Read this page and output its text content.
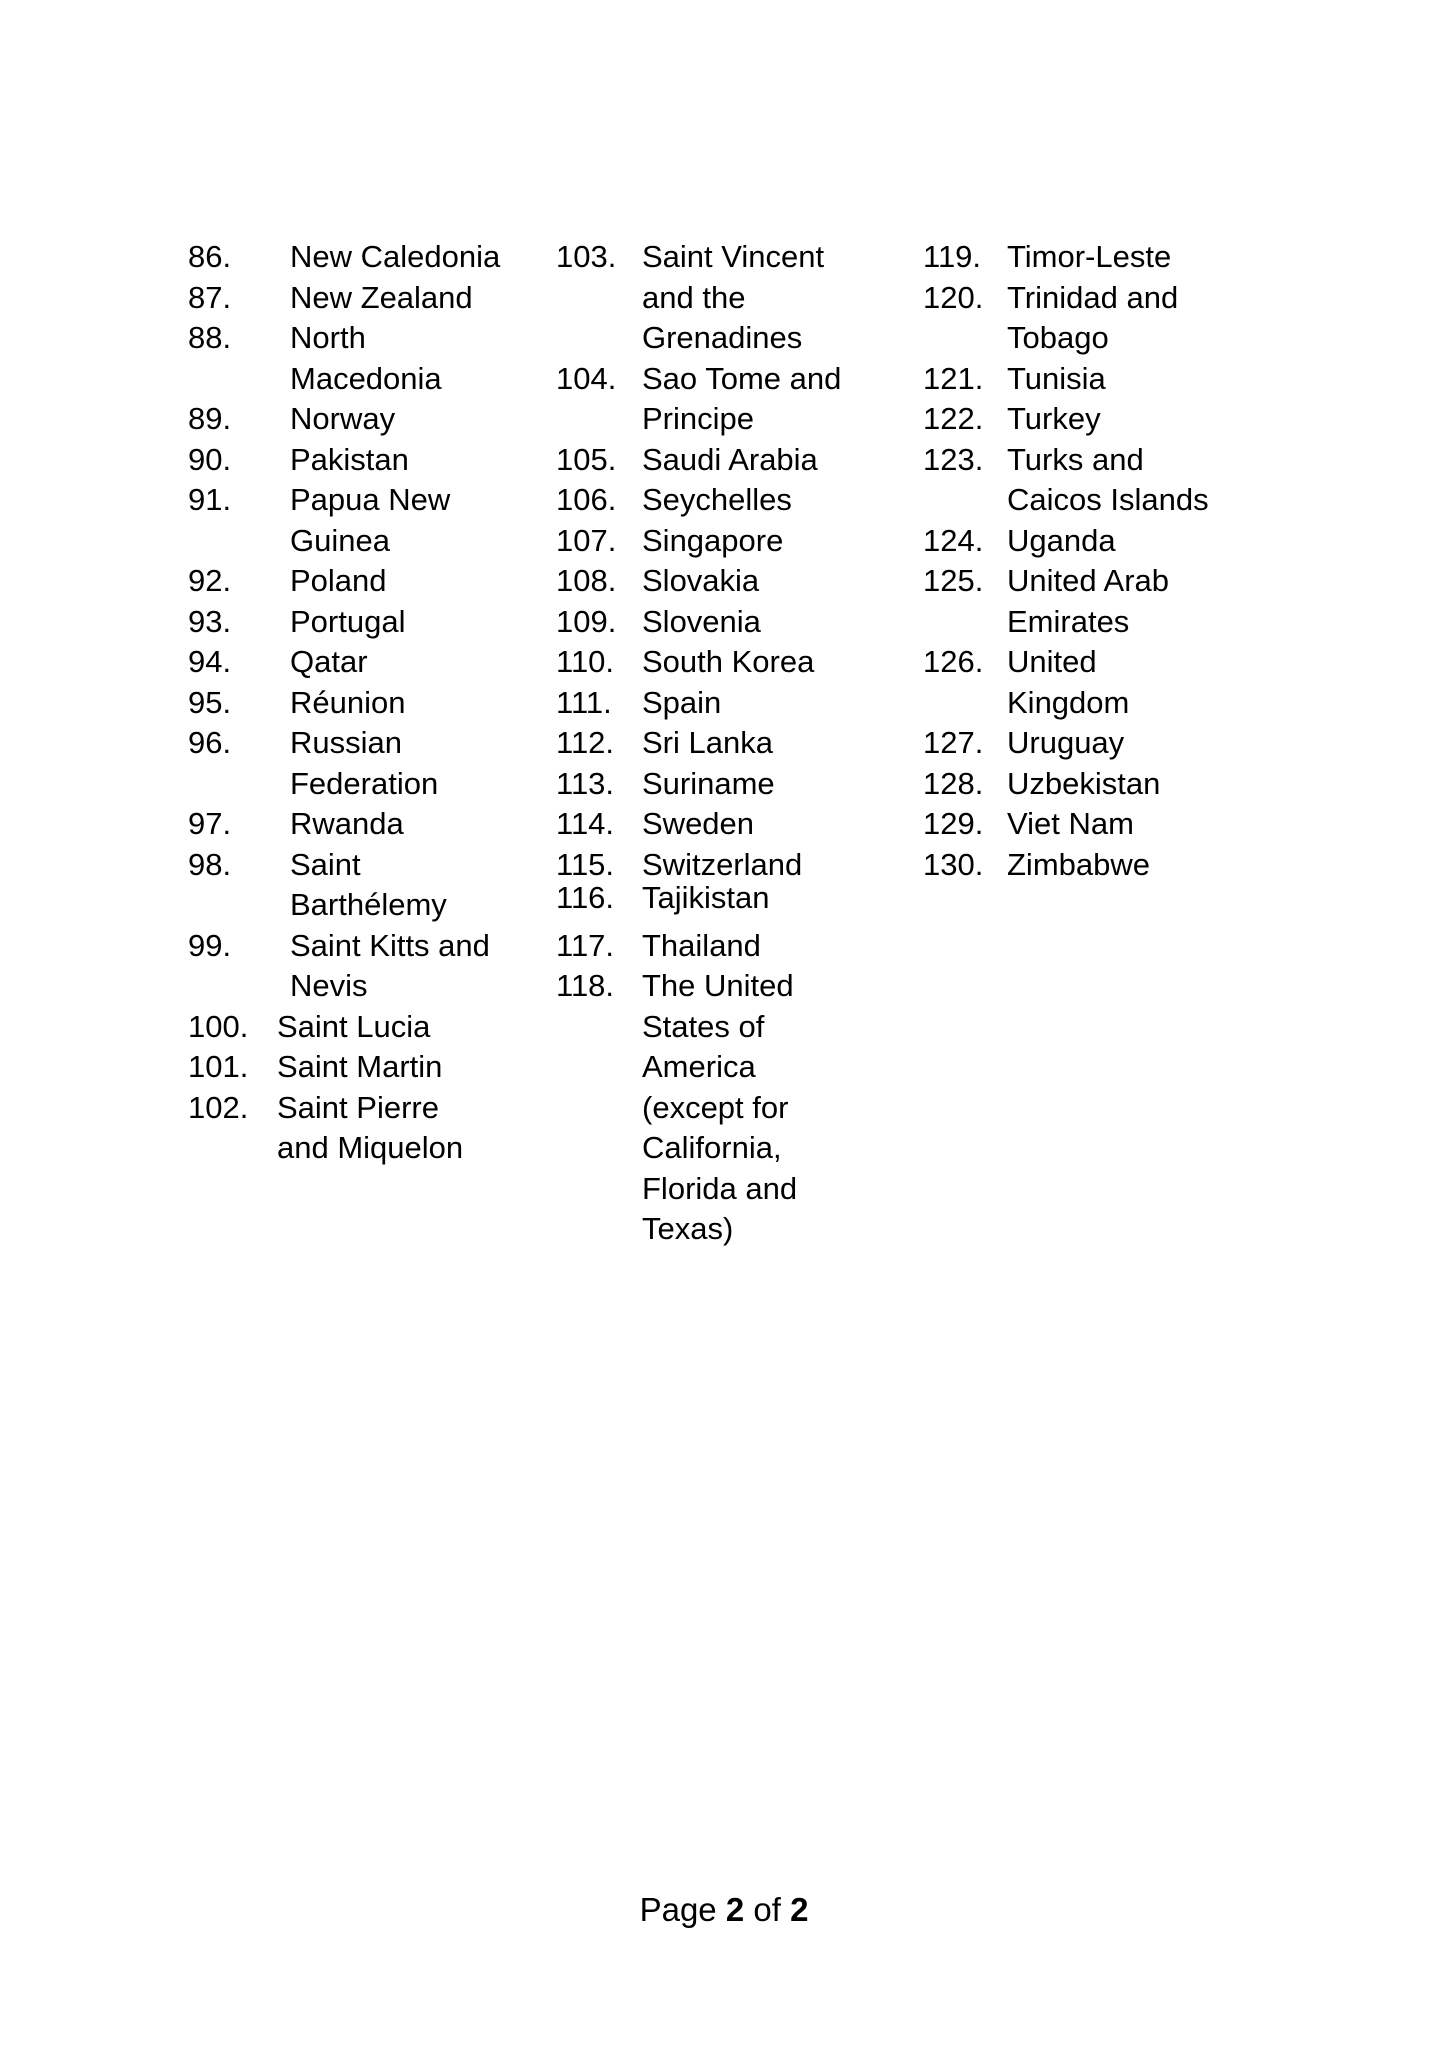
86.	New Caledonia
87.	New Zealand
88.	North
Macedonia
89.	Norway
90.	Pakistan
91.	Papua New
Guinea
92.	Poland
93.	Portugal
94.	Qatar
95.	Réunion
96.	Russian
Federation
97.	Rwanda
98.	Saint
Barthélemy
99.	Saint Kitts and
Nevis
100. Saint Lucia
101. Saint Martin
102. Saint Pierre
and Miquelon
103. Saint Vincent
and the
Grenadines
104. Sao Tome and
Principe
105. Saudi Arabia
106. Seychelles
107. Singapore
108. Slovakia
109. Slovenia
110. South Korea
111. Spain
112. Sri Lanka
113. Suriname
114. Sweden
115. Switzerland
116. Tajikistan
117. Thailand
118. The United
States of
America
(except for
California,
Florida and
Texas)
119. Timor-Leste
120. Trinidad and
Tobago
121. Tunisia
122. Turkey
123. Turks and
Caicos Islands
124. Uganda
125. United Arab
Emirates
126. United
Kingdom
127. Uruguay
128. Uzbekistan
129. Viet Nam
130. Zimbabwe
Page 2 of 2
